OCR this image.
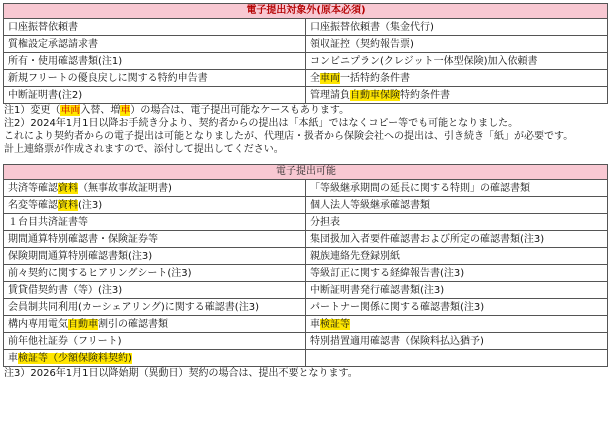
電子提出対象外(原本必須)	
口座振替依頼書	口座振替依頼書（集金代行)
質権設定承認請求書	領収証控（契約報告票)
所有・使用確認書類(注1)	コンビニプラン(クレジット一体型保険)加入依頼書
新規フリートの優良戻しに関する特約申告書	全車両一括特約条件書
中断証明書(注2)	管理請負自動車保険特約条件書
注1）変更（車両入替、増車）の場合は、電子提出可能なケースもあります。
注2）2024年1月1日以降お手続き分より、契約者からの提出は「本紙」ではなくコピー等でも可能となりました。
これにより契約者からの電子提出は可能となりましたが、代理店・扱者から保険会社への提出は、引き続き「紙」が必要です。
計上連絡票が作成されますので、添付して提出してください。
電子提出可能	
共済等確認資料（無事故事故証明書)	「等級継承期間の延長に関する特則」の確認書類
名変等確認資料(注3)	個人法人等級継承確認書類
１台目共済証書等	分担表
期間通算特別確認書・保険証券等	集団扱加入者要件確認書および所定の確認書類(注3)
保険期間通算特別確認書類(注3)	親族連絡先登録別紙
前々契約に関するヒアリングシート(注3)	等級訂正に関する経緯報告書(注3)
賃貸借契約書（等）(注3)	中断証明書発行確認書類(注3)
会員制共同利用(カーシェアリング)に関する確認書(注3)	パートナー関係に関する確認書類(注3)
構内専用電気自動車割引の確認書類	車検証等
前年他社証券（フリート)	特別措置適用確認書（保険料払込猶予)
車検証等（少額保険料契約)	
注3）2026年1月1日以降始期（異動日）契約の場合は、提出不要となります。
